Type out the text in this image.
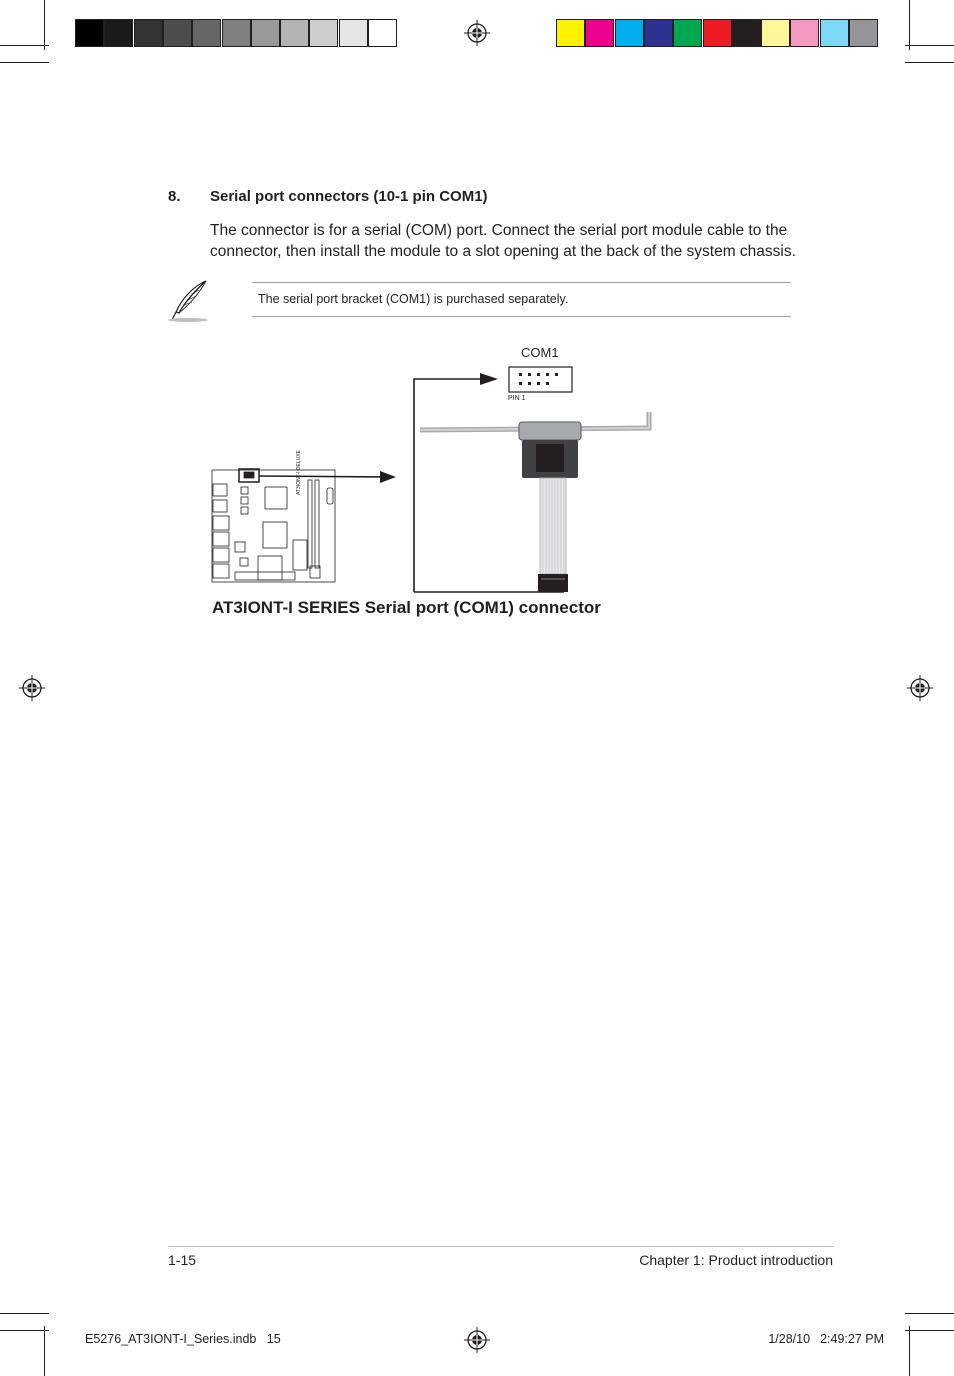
8. Serial port connectors (10-1 pin COM1)
The connector is for a serial (COM) port. Connect the serial port module cable to the connector, then install the module to a slot opening at the back of the system chassis.
The serial port bracket (COM1) is purchased separately.
COM1
PIN 1
AT3IONT-I DELUXE
AT3IONT-I SERIES Serial port (COM1) connector
1-15	Chapter 1: Product introduction
E5276_AT3IONT-I_Series.indb   15	1/28/10 2:49:27 PM
